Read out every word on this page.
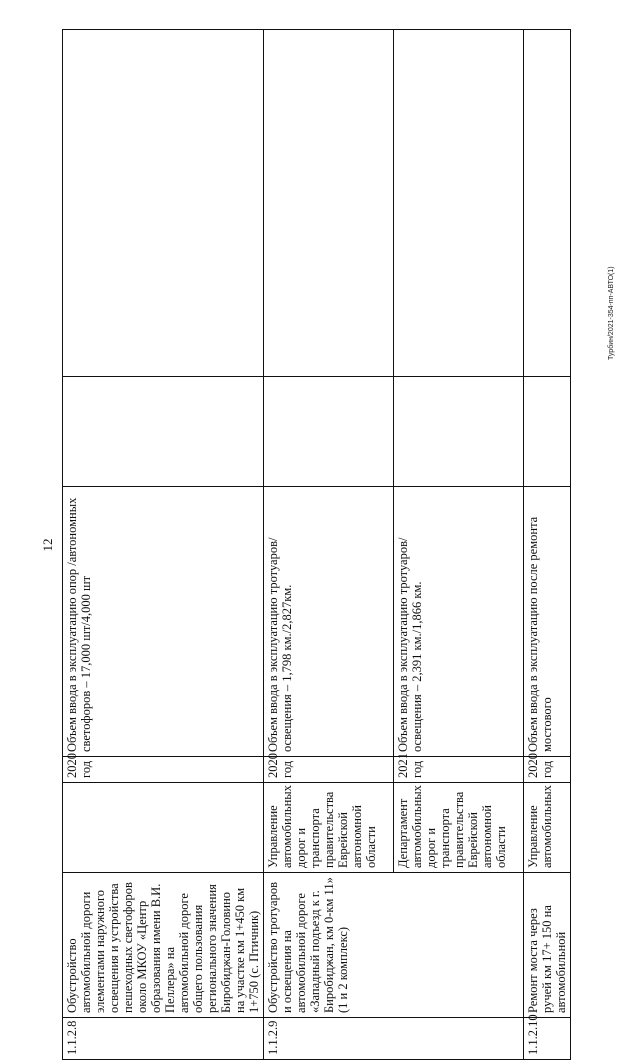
12
1.1.2.8	Обустройство автомобильной дороги элементами наружного освещения и устройства пешеходных светофоров около МКОУ «Центр образования имени В.И. Пеллера» на автомобильной дороге общего пользования регионального значения Биробиджан-Головино на участке км 1+450 км 1+750 (с. Птичник)		2020 год	Объем ввода в эксплуатацию опор /автономных светофоров – 17,000 шт/4,000 шт		
1.1.2.9	Обустройство тротуаров и освещения на автомобильной дороге «Западный подъезд к г. Биробиджан, км 0-км 11» (1 и 2 комплекс)	Управление автомобильных дорог и транспорта правительства Еврейской автономной области	2020 год	Объем ввода в эксплуатацию тротуаров/освещения – 1,798 км./2,827км.		
		Департамент автомобильных дорог и транспорта правительства Еврейской автономной области	2021 год	Объем ввода в эксплуатацию тротуаров/освещения – 2,391 км./1,866 км.		
1.1.2.10	Ремонт моста через ручей км 17+ 150 на автомобильной	Управление автомобильных	2020 год	Объем ввода в эксплуатацию после ремонта мостового		
Турбин/2021-354-пп-АВТО(1)
